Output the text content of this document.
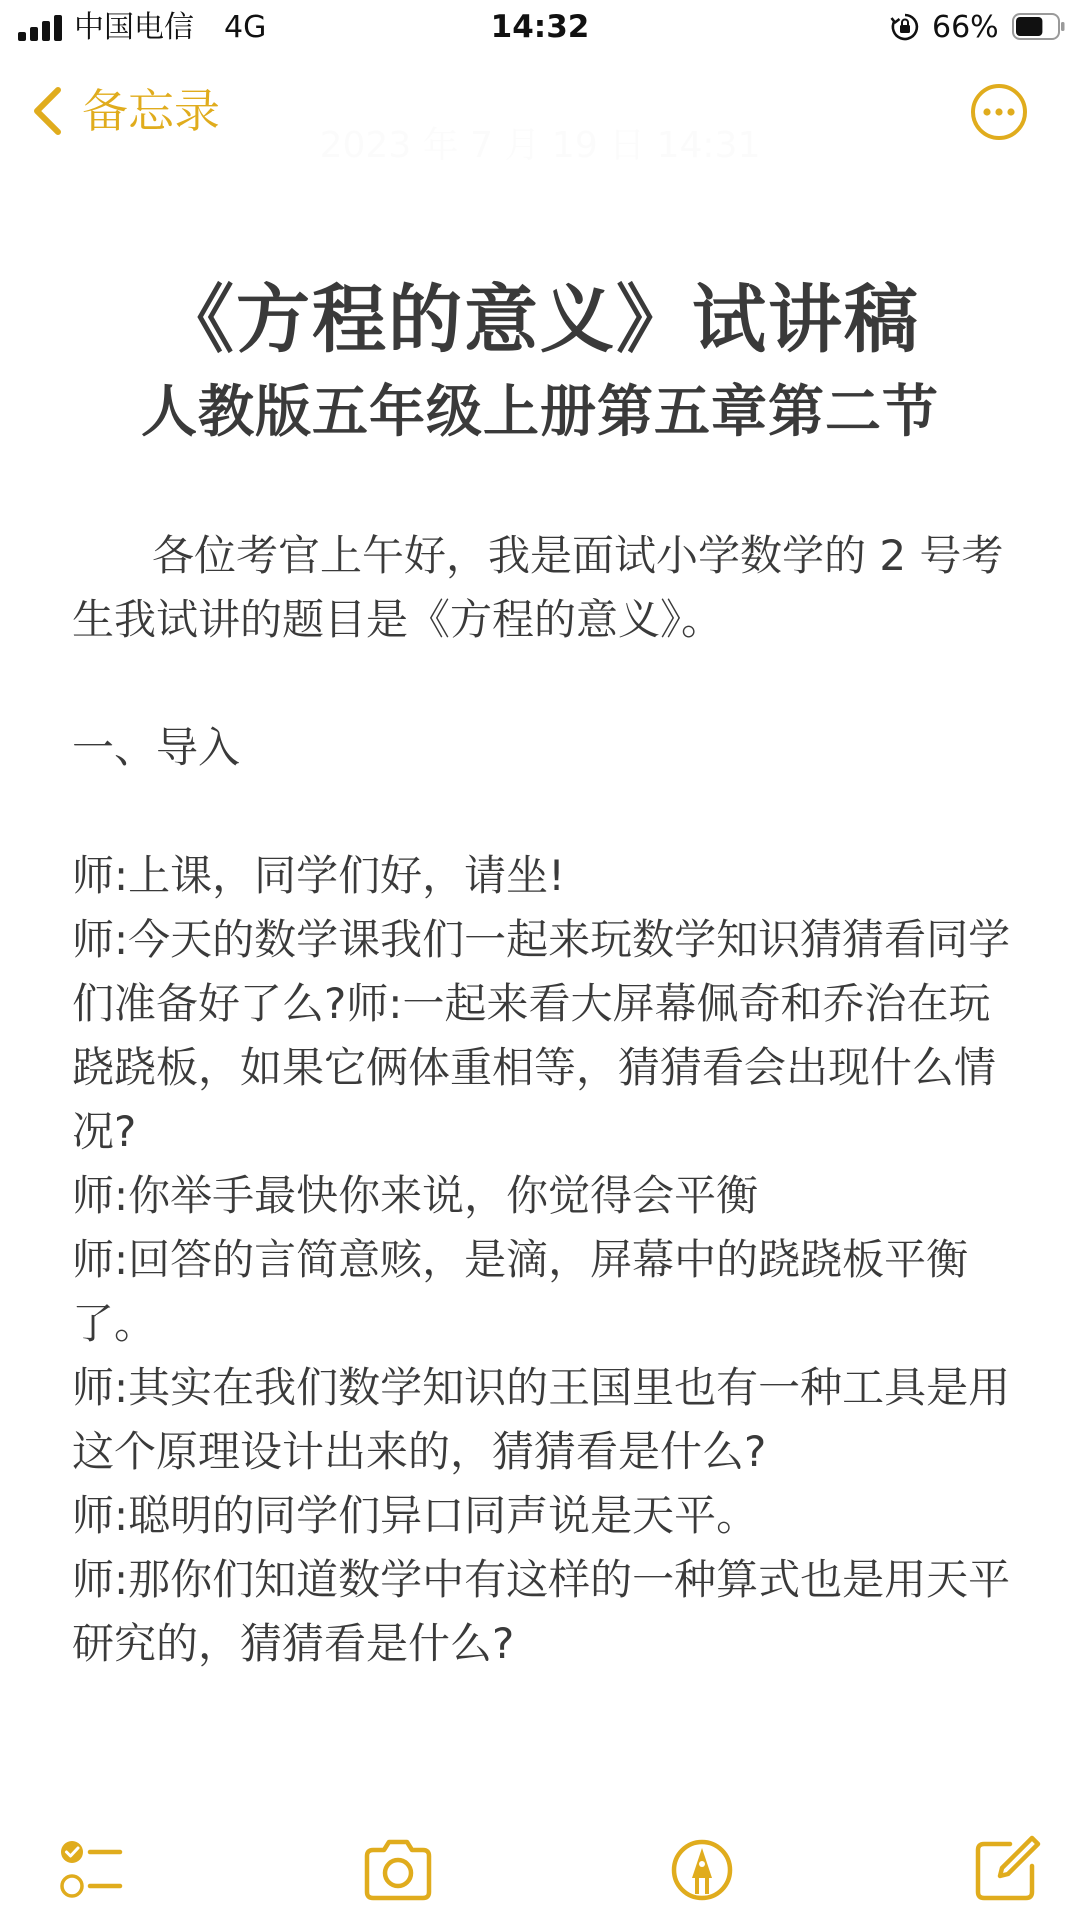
中国电信 4G	14:32	66%
备忘录
2023 年 7 月 19 日 14:31
《方程的意义》试讲稿
人教版五年级上册第五章第二节

各位考官上午好，我是面试小学数学的 2 号考生我试讲的题目是《方程的意义》。

一、导入

师:上课，同学们好，请坐!

师:今天的数学课我们一起来玩数学知识猜猜看同学们准备好了么?师:一起来看大屏幕佩奇和乔治在玩跷跷板，如果它俩体重相等，猜猜看会出现什么情况?

师:你举手最快你来说，你觉得会平衡

师:回答的言简意赅，是滴，屏幕中的跷跷板平衡了。

师:其实在我们数学知识的王国里也有一种工具是用这个原理设计出来的，猜猜看是什么?

师:聪明的同学们异口同声说是天平。

师:那你们知道数学中有这样的一种算式也是用天平研究的，猜猜看是什么?
